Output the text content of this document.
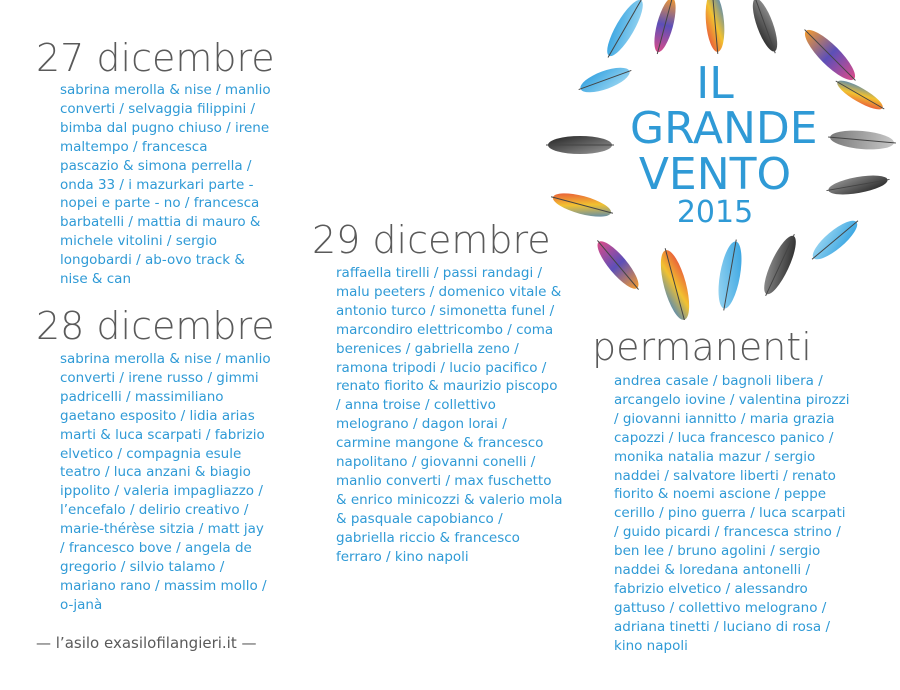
IL
GRANDE
VENTO
2015
27 dicembre
sabrina merolla & nise / manlio
converti / selvaggia filippini /
bimba dal pugno chiuso / irene
maltempo / francesca
pascazio & simona perrella /
onda 33 / i mazurkari parte -
nopei e parte - no / francesca
barbatelli / mattia di mauro &
michele vitolini / sergio
longobardi / ab-ovo track &
nise & can
28 dicembre
sabrina merolla & nise / manlio
converti / irene russo / gimmi
padricelli / massimiliano
gaetano esposito / lidia arias
marti & luca scarpati / fabrizio
elvetico / compagnia esule
teatro / luca anzani & biagio
ippolito / valeria impagliazzo /
l’encefalo / delirio creativo /
marie-thérèse sitzia / matt jay
/ francesco bove / angela de
gregorio / silvio talamo /
mariano rano / massim mollo /
o-janà
29 dicembre
raffaella tirelli / passi randagi /
malu peeters / domenico vitale &
antonio turco / simonetta funel /
marcondiro elettricombo / coma
berenices / gabriella zeno /
ramona tripodi / lucio pacifico /
renato fiorito & maurizio piscopo
/ anna troise / collettivo
melograno / dagon lorai /
carmine mangone & francesco
napolitano / giovanni conelli /
manlio converti / max fuschetto
& enrico minicozzi & valerio mola
& pasquale capobianco /
gabriella riccio & francesco
ferraro / kino napoli
permanenti
andrea casale / bagnoli libera /
arcangelo iovine / valentina pirozzi
/ giovanni iannitto / maria grazia
capozzi / luca francesco panico /
monika natalia mazur / sergio
naddei / salvatore liberti / renato
fiorito & noemi ascione / peppe
cerillo / pino guerra / luca scarpati
/ guido picardi / francesca strino /
ben lee / bruno agolini / sergio
naddei & loredana antonelli /
fabrizio elvetico / alessandro
gattuso / collettivo melograno /
adriana tinetti / luciano di rosa /
kino napoli
— l’asilo exasilofilangieri.it —
